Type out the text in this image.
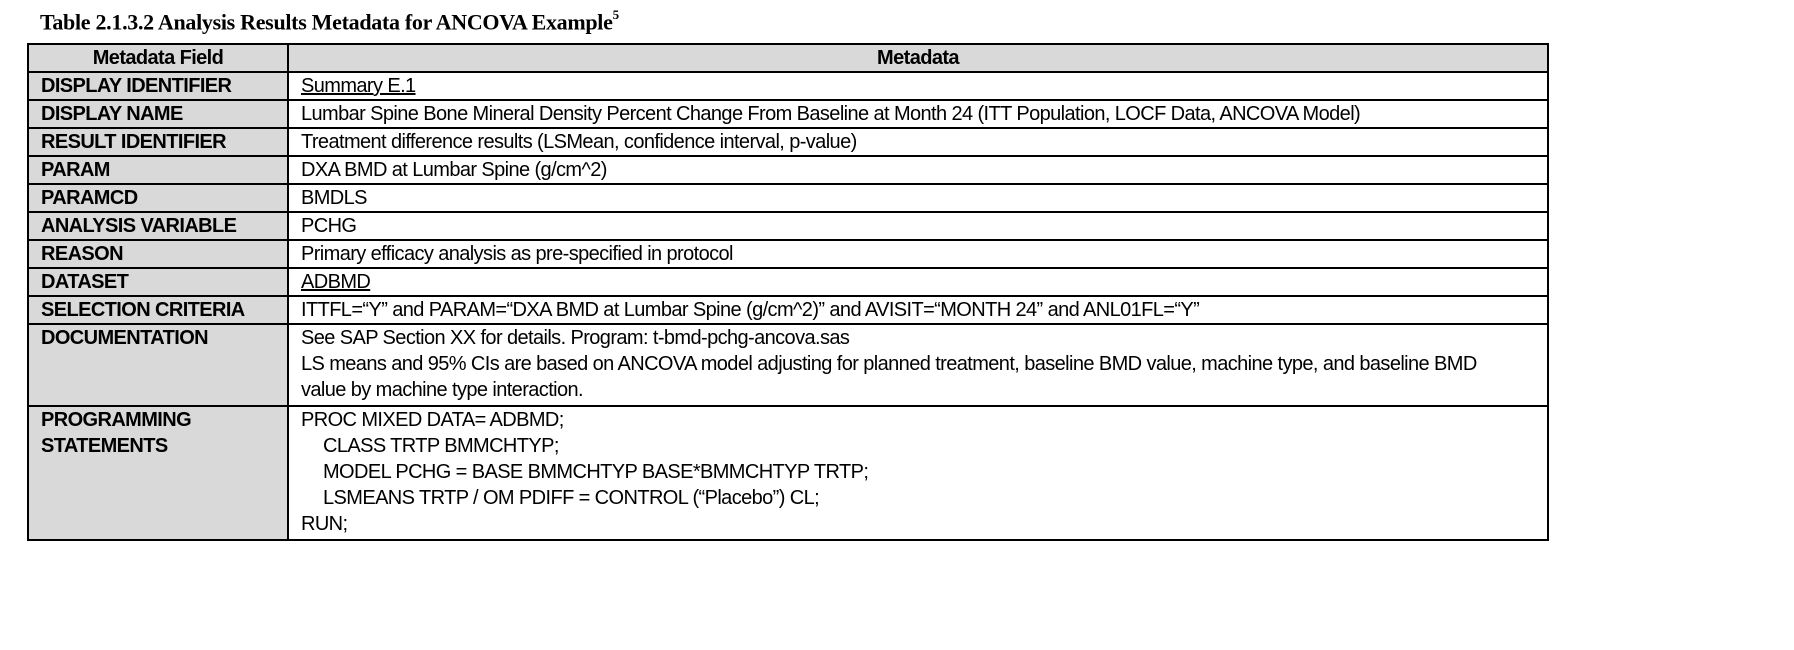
Table 2.1.3.2 Analysis Results Metadata for ANCOVA Example$^5$
Metadata Field	Metadata
DISPLAY IDENTIFIER	Summary E.1
DISPLAY NAME	Lumbar Spine Bone Mineral Density Percent Change From Baseline at Month 24 (ITT Population, LOCF Data, ANCOVA Model)
RESULT IDENTIFIER	Treatment difference results (LSMean, confidence interval, p-value)
PARAM	DXA BMD at Lumbar Spine (g/cm^2)
PARAMCD	BMDLS
ANALYSIS VARIABLE	PCHG
REASON	Primary efficacy analysis as pre-specified in protocol
DATASET	ADBMD
SELECTION CRITERIA	ITTFL=“Y” and PARAM=“DXA BMD at Lumbar Spine (g/cm^2)” and AVISIT=“MONTH 24” and ANL01FL=“Y”
DOCUMENTATION	See SAP Section XX for details. Program: t-bmd-pchg-ancova.sas
LS means and 95% CIs are based on ANCOVA model adjusting for planned treatment, baseline BMD value, machine type, and baseline BMD
value by machine type interaction.

PROGRAMMING
STATEMENTS	PROC MIXED DATA= ADBMD;
CLASS TRTP BMMCHTYP;
MODEL PCHG = BASE BMMCHTYP BASE*BMMCHTYP TRTP;
LSMEANS TRTP / OM PDIFF = CONTROL (“Placebo”) CL;
RUN;
